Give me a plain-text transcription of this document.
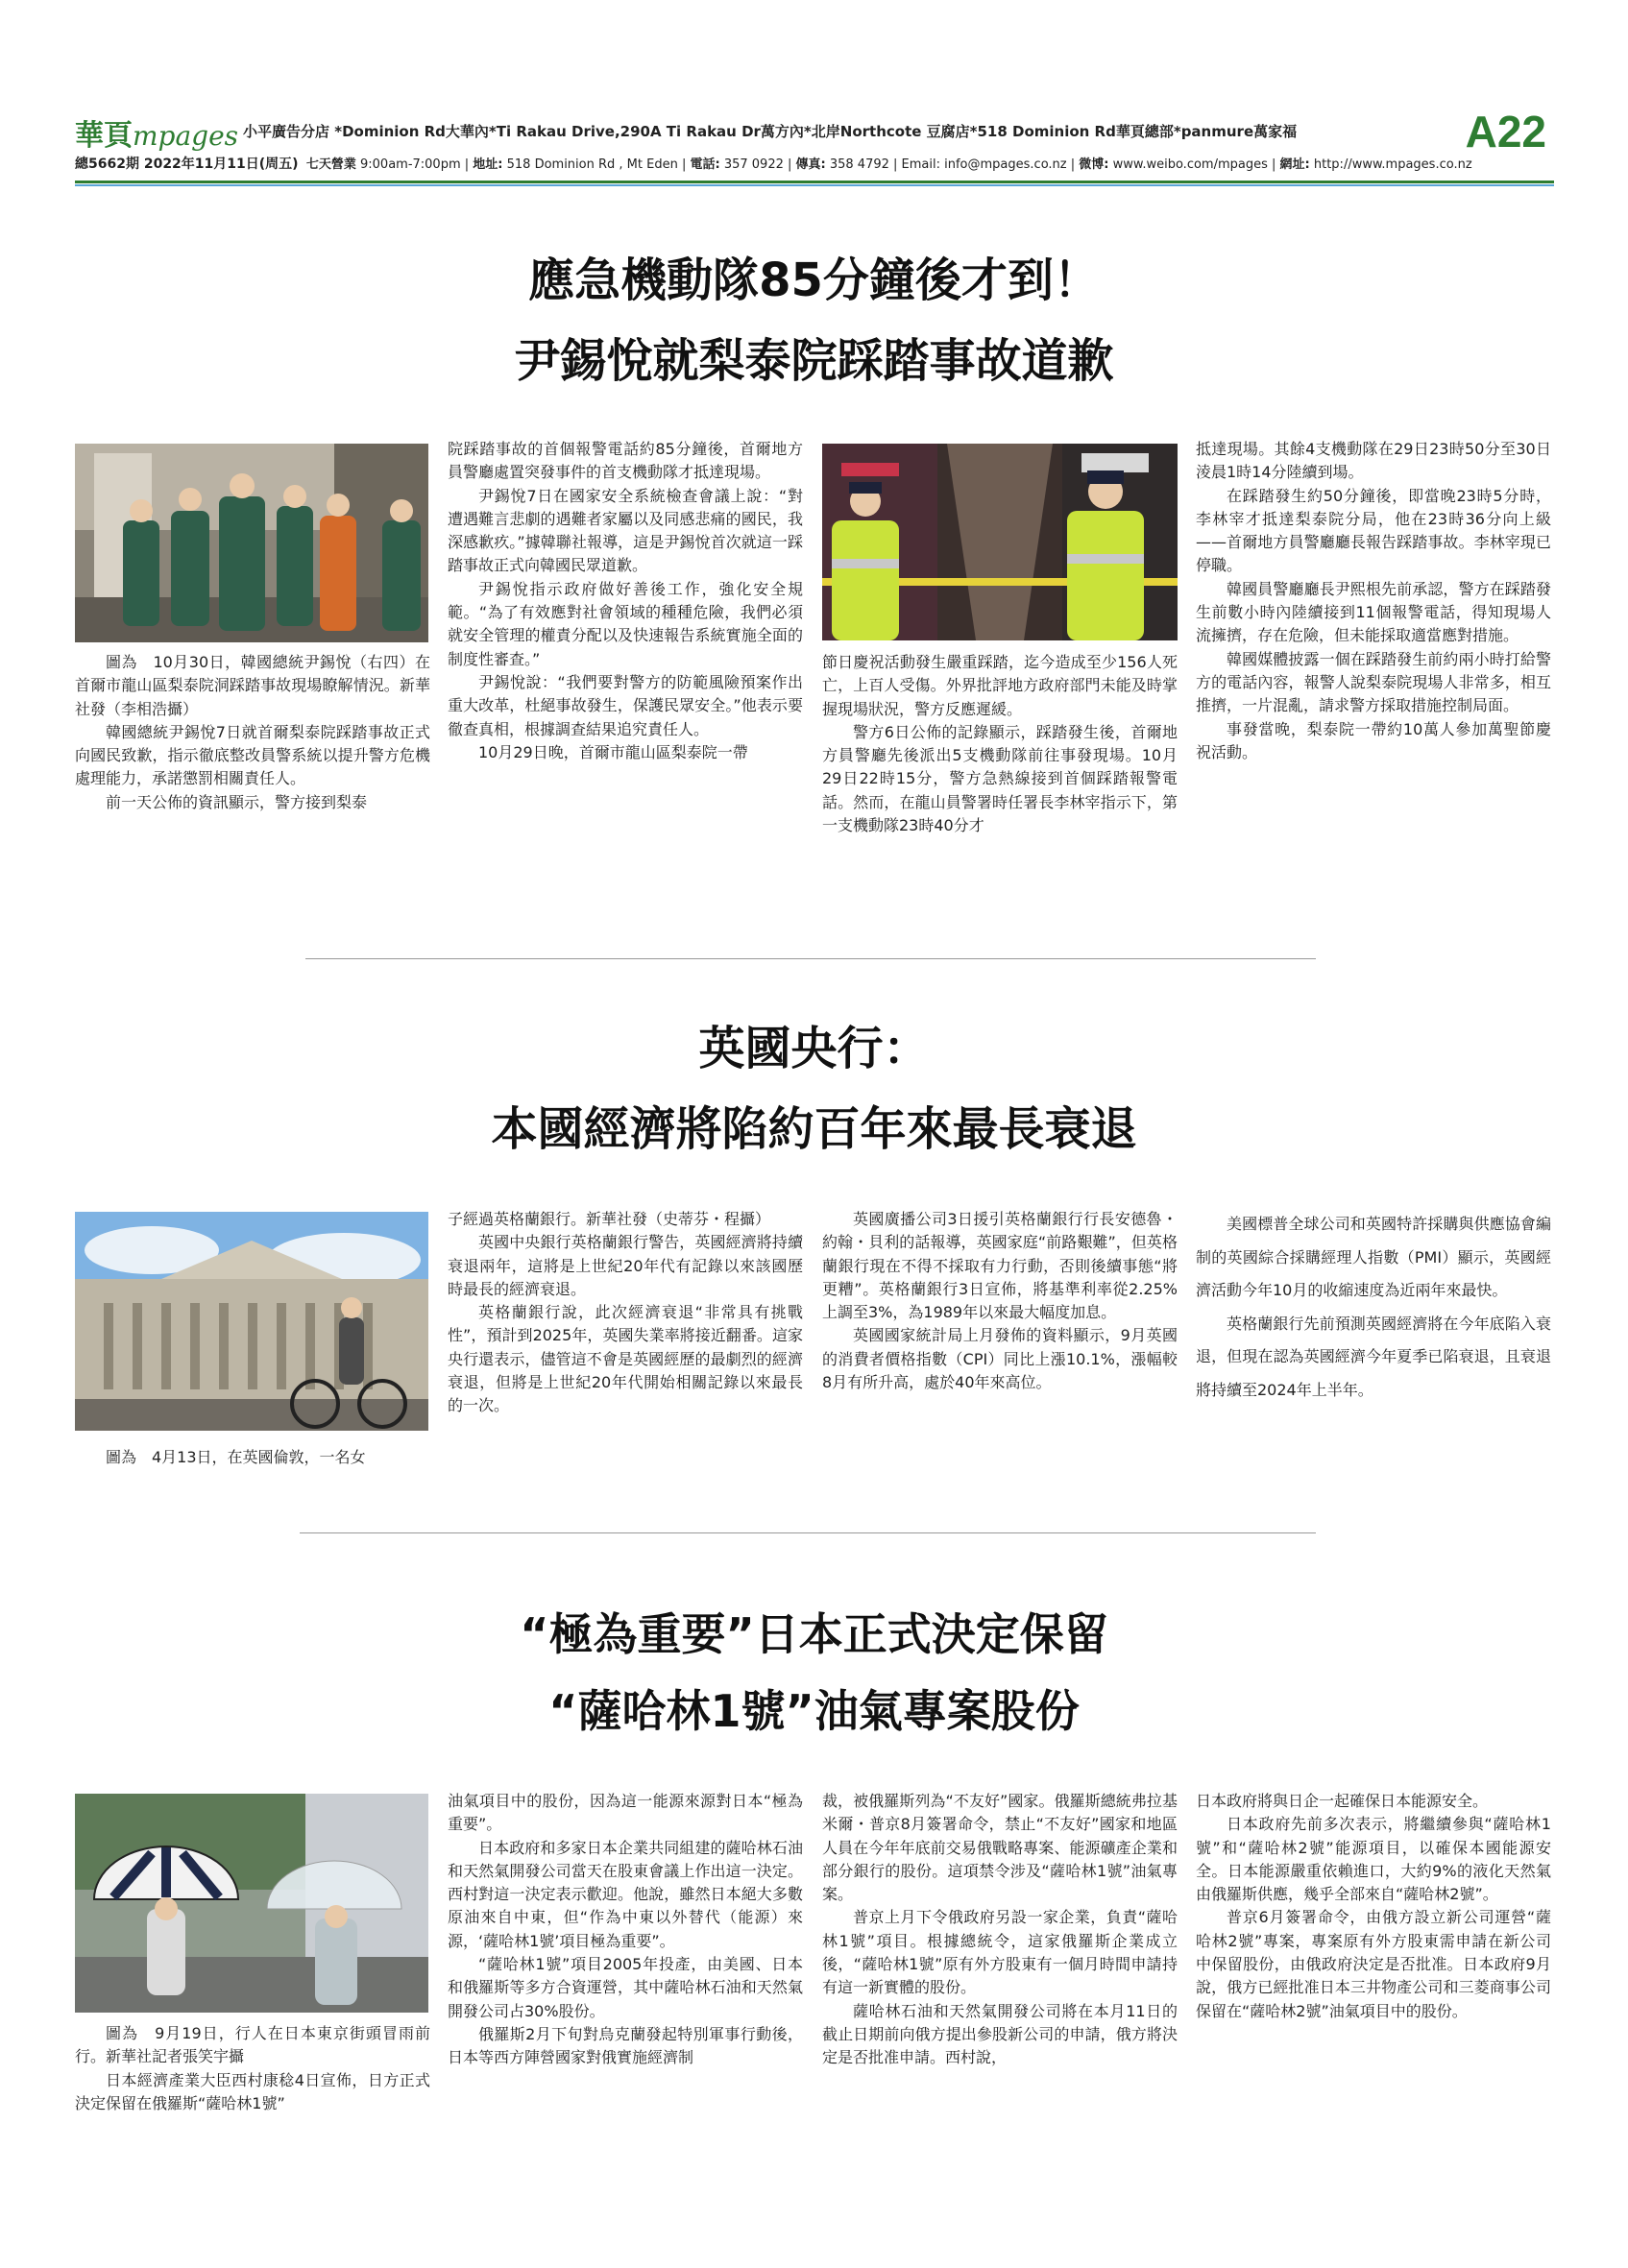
華頁mpages 小平廣告分店 *Dominion Rd大華內*Ti Rakau Drive,290A Ti Rakau Dr萬方內*北岸Northcote 豆腐店*518 Dominion Rd華頁總部*panmure萬家福	A22
總5662期 2022年11月11日(周五) 七天營業 9:00am-7:00pm | 地址: 518 Dominion Rd , Mt Eden | 電話: 357 0922 | 傳真: 358 4792 | Email: info@mpages.co.nz | 微博: www.weibo.com/mpages | 網址: http://www.mpages.co.nz
應急機動隊85分鐘後才到！
尹錫悅就梨泰院踩踏事故道歉

圖為　10月30日，韓國總統尹錫悅（右四）在首爾市龍山區梨泰院洞踩踏事故現場瞭解情況。新華社發（李相浩攝）

韓國總統尹錫悅7日就首爾梨泰院踩踏事故正式向國民致歉，指示徹底整改員警系統以提升警方危機處理能力，承諾懲罰相關責任人。

前一天公佈的資訊顯示，警方接到梨泰

院踩踏事故的首個報警電話約85分鐘後，首爾地方員警廳處置突發事件的首支機動隊才抵達現場。

尹錫悅7日在國家安全系統檢查會議上說：“對遭遇難言悲劇的遇難者家屬以及同感悲痛的國民，我深感歉疚。”據韓聯社報導，這是尹錫悅首次就這一踩踏事故正式向韓國民眾道歉。

尹錫悅指示政府做好善後工作，強化安全規範。“為了有效應對社會領域的種種危險，我們必須就安全管理的權責分配以及快速報告系統實施全面的制度性審查。”

尹錫悅說：“我們要對警方的防範風險預案作出重大改革，杜絕事故發生，保護民眾安全。”他表示要徹查真相，根據調查結果追究責任人。

10月29日晚，首爾市龍山區梨泰院一帶

節日慶祝活動發生嚴重踩踏，迄今造成至少156人死亡，上百人受傷。外界批評地方政府部門未能及時掌握現場狀況，警方反應遲緩。

警方6日公佈的記錄顯示，踩踏發生後，首爾地方員警廳先後派出5支機動隊前往事發現場。10月29日22時15分，警方急熱線接到首個踩踏報警電話。然而，在龍山員警署時任署長李林宰指示下，第一支機動隊23時40分才

抵達現場。其餘4支機動隊在29日23時50分至30日淩晨1時14分陸續到場。

在踩踏發生約50分鐘後，即當晚23時5分時，李林宰才抵達梨泰院分局，他在23時36分向上級——首爾地方員警廳廳長報告踩踏事故。李林宰現已停職。

韓國員警廳廳長尹熙根先前承認，警方在踩踏發生前數小時內陸續接到11個報警電話，得知現場人流擁擠，存在危險，但未能採取適當應對措施。

韓國媒體披露一個在踩踏發生前約兩小時打給警方的電話內容，報警人說梨泰院現場人非常多，相互推擠，一片混亂，請求警方採取措施控制局面。

事發當晚，梨泰院一帶約10萬人參加萬聖節慶祝活動。

英國央行：
本國經濟將陷約百年來最長衰退

圖為　4月13日，在英國倫敦，一名女

子經過英格蘭銀行。新華社發（史蒂芬・程攝）

英國中央銀行英格蘭銀行警告，英國經濟將持續衰退兩年，這將是上世紀20年代有記錄以來該國歷時最長的經濟衰退。

英格蘭銀行說，此次經濟衰退“非常具有挑戰性”，預計到2025年，英國失業率將接近翻番。這家央行還表示，儘管這不會是英國經歷的最劇烈的經濟衰退，但將是上世紀20年代開始相關記錄以來最長的一次。

英國廣播公司3日援引英格蘭銀行行長安德魯・約翰・貝利的話報導，英國家庭“前路艱難”，但英格蘭銀行現在不得不採取有力行動，否則後續事態“將更糟”。英格蘭銀行3日宣佈，將基準利率從2.25%上調至3%，為1989年以來最大幅度加息。

英國國家統計局上月發佈的資料顯示，9月英國的消費者價格指數（CPI）同比上漲10.1%，漲幅較8月有所升高，處於40年來高位。

美國標普全球公司和英國特許採購與供應協會編制的英國綜合採購經理人指數（PMI）顯示，英國經濟活動今年10月的收縮速度為近兩年來最快。

英格蘭銀行先前預測英國經濟將在今年底陷入衰退，但現在認為英國經濟今年夏季已陷衰退，且衰退將持續至2024年上半年。

“極為重要”日本正式決定保留
“薩哈林1號”油氣專案股份

圖為　9月19日，行人在日本東京街頭冒雨前行。新華社記者張笑宇攝

日本經濟產業大臣西村康稔4日宣佈，日方正式決定保留在俄羅斯“薩哈林1號”

油氣項目中的股份，因為這一能源來源對日本“極為重要”。

日本政府和多家日本企業共同組建的薩哈林石油和天然氣開發公司當天在股東會議上作出這一決定。西村對這一決定表示歡迎。他說，雖然日本絕大多數原油來自中東，但“作為中東以外替代（能源）來源，‘薩哈林1號’項目極為重要”。

“薩哈林1號”項目2005年投產，由美國、日本和俄羅斯等多方合資運營，其中薩哈林石油和天然氣開發公司占30%股份。

俄羅斯2月下旬對烏克蘭發起特別軍事行動後，日本等西方陣營國家對俄實施經濟制

裁，被俄羅斯列為“不友好”國家。俄羅斯總統弗拉基米爾・普京8月簽署命令，禁止“不友好”國家和地區人員在今年年底前交易俄戰略專案、能源礦產企業和部分銀行的股份。這項禁令涉及“薩哈林1號”油氣專案。

普京上月下令俄政府另設一家企業，負責“薩哈林1號”項目。根據總統令，這家俄羅斯企業成立後，“薩哈林1號”原有外方股東有一個月時間申請持有這一新實體的股份。

薩哈林石油和天然氣開發公司將在本月11日的截止日期前向俄方提出參股新公司的申請，俄方將決定是否批准申請。西村說，

日本政府將與日企一起確保日本能源安全。

日本政府先前多次表示，將繼續參與“薩哈林1號”和“薩哈林2號”能源項目，以確保本國能源安全。日本能源嚴重依賴進口，大約9%的液化天然氣由俄羅斯供應，幾乎全部來自“薩哈林2號”。

普京6月簽署命令，由俄方設立新公司運營“薩哈林2號”專案，專案原有外方股東需申請在新公司中保留股份，由俄政府決定是否批准。日本政府9月說，俄方已經批准日本三井物產公司和三菱商事公司保留在“薩哈林2號”油氣項目中的股份。
